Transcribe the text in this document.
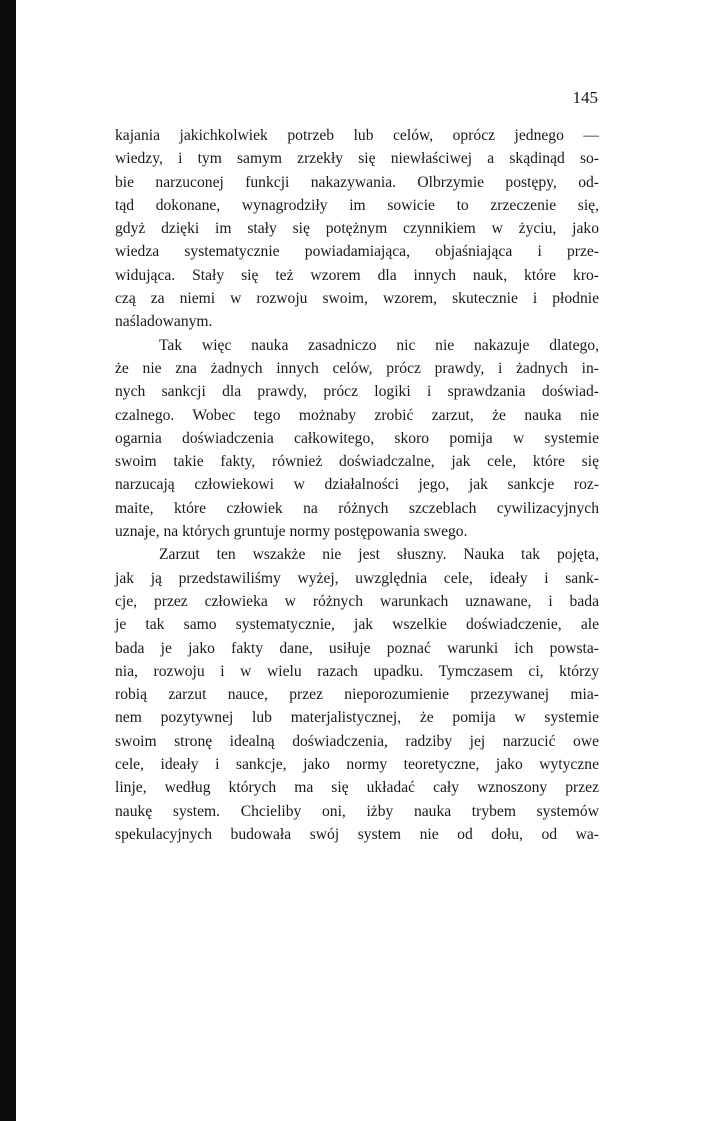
145
kajania jakichkolwiek potrzeb lub celów, oprócz jednego —
wiedzy, i tym samym zrzekły się niewłaściwej a skądinąd so-
bie narzuconej funkcji nakazywania. Olbrzymie postępy, od-
tąd dokonane, wynagrodziły im sowicie to zrzeczenie się,
gdyż dzięki im stały się potężnym czynnikiem w życiu, jako
wiedza systematycznie powiadamiająca, objaśniająca i prze-
widująca. Stały się też wzorem dla innych nauk, które kro-
czą za niemi w rozwoju swoim, wzorem, skutecznie i płodnie
naśladowanym.
Tak więc nauka zasadniczo nic nie nakazuje dlatego,
że nie zna żadnych innych celów, prócz prawdy, i żadnych in-
nych sankcji dla prawdy, prócz logiki i sprawdzania doświad-
czalnego. Wobec tego możnaby zrobić zarzut, że nauka nie
ogarnia doświadczenia całkowitego, skoro pomija w systemie
swoim takie fakty, również doświadczalne, jak cele, które się
narzucają człowiekowi w działalności jego, jak sankcje roz-
maite, które człowiek na różnych szczeblach cywilizacyjnych
uznaje, na których gruntuje normy postępowania swego.
Zarzut ten wszakże nie jest słuszny. Nauka tak pojęta,
jak ją przedstawiliśmy wyżej, uwzględnia cele, ideały i sank-
cje, przez człowieka w różnych warunkach uznawane, i bada
je tak samo systematycznie, jak wszelkie doświadczenie, ale
bada je jako fakty dane, usiłuje poznać warunki ich powsta-
nia, rozwoju i w wielu razach upadku. Tymczasem ci, którzy
robią zarzut nauce, przez nieporozumienie przezywanej mia-
nem pozytywnej lub materjalistycznej, że pomija w systemie
swoim stronę idealną doświadczenia, radziby jej narzucić owe
cele, ideały i sankcje, jako normy teoretyczne, jako wytyczne
linje, według których ma się układać cały wznoszony przez
naukę system. Chcieliby oni, iżby nauka trybem systemów
spekulacyjnych budowała swój system nie od dołu, od wa-
